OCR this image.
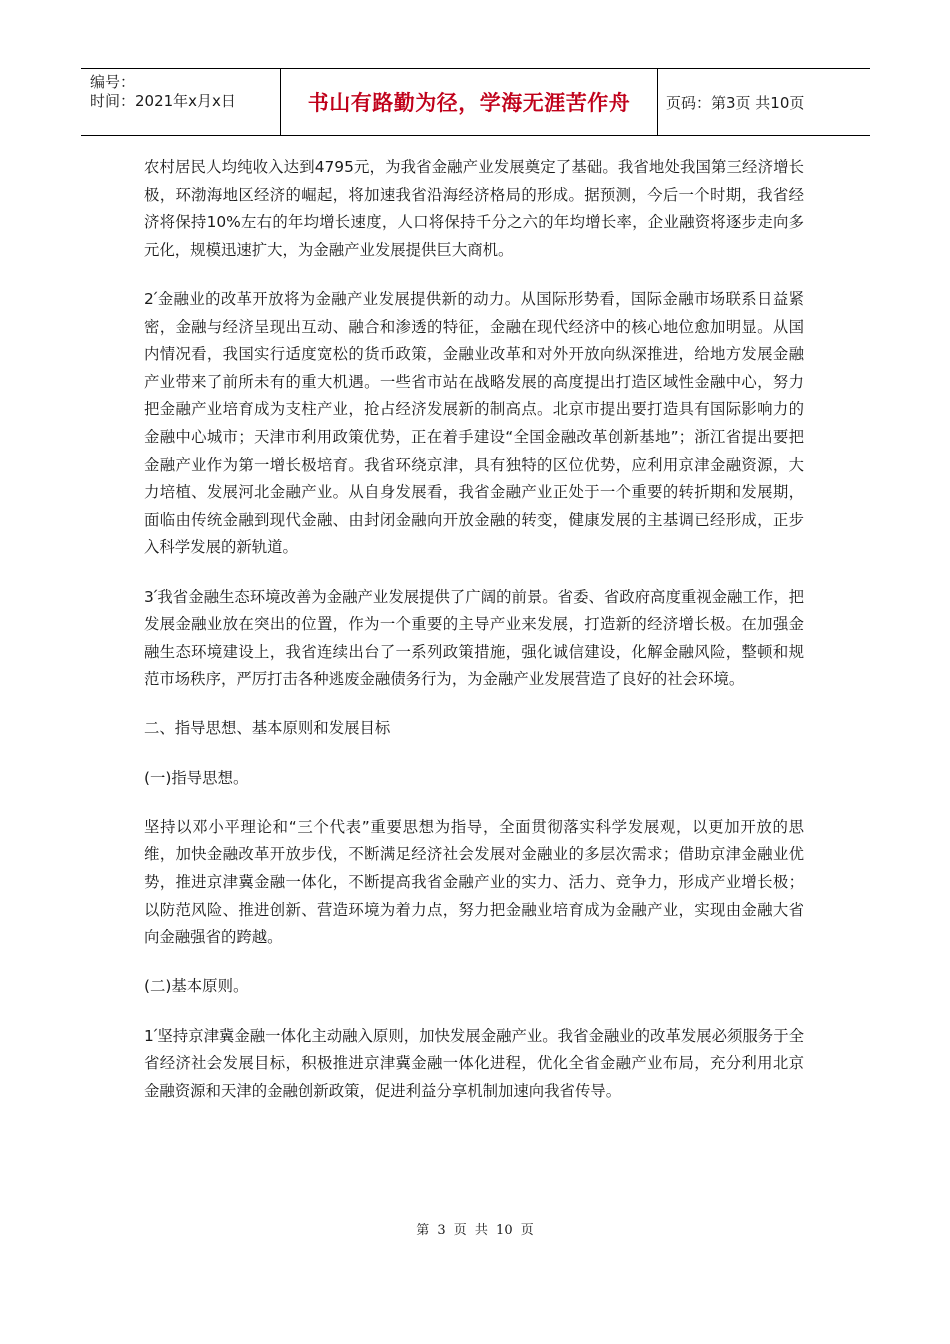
编号：
时间：2021年x月x日	书山有路勤为径，学海无涯苦作舟 页码：第3页 共10页

农村居民人均纯收入达到4795元，为我省金融产业发展奠定了基础。我省地处我国第三经济增长极，环渤海地区经济的崛起，将加速我省沿海经济格局的形成。据预测，今后一个时期，我省经济将保持10%左右的年均增长速度，人口将保持千分之六的年均增长率，企业融资将逐步走向多元化，规模迅速扩大，为金融产业发展提供巨大商机。

2՛金融业的改革开放将为金融产业发展提供新的动力。从国际形势看，国际金融市场联系日益紧密，金融与经济呈现出互动、融合和渗透的特征，金融在现代经济中的核心地位愈加明显。从国内情况看，我国实行适度宽松的货币政策，金融业改革和对外开放向纵深推进，给地方发展金融产业带来了前所未有的重大机遇。一些省市站在战略发展的高度提出打造区域性金融中心，努力把金融产业培育成为支柱产业，抢占经济发展新的制高点。北京市提出要打造具有国际影响力的金融中心城市；天津市利用政策优势，正在着手建设“全国金融改革创新基地”；浙江省提出要把金融产业作为第一增长极培育。我省环绕京津，具有独特的区位优势，应利用京津金融资源，大力培植、发展河北金融产业。从自身发展看，我省金融产业正处于一个重要的转折期和发展期，面临由传统金融到现代金融、由封闭金融向开放金融的转变，健康发展的主基调已经形成，正步入科学发展的新轨道。

3՛我省金融生态环境改善为金融产业发展提供了广阔的前景。省委、省政府高度重视金融工作，把发展金融业放在突出的位置，作为一个重要的主导产业来发展，打造新的经济增长极。在加强金融生态环境建设上，我省连续出台了一系列政策措施，强化诚信建设，化解金融风险，整顿和规范市场秩序，严厉打击各种逃废金融债务行为，为金融产业发展营造了良好的社会环境。

二、指导思想、基本原则和发展目标

(一)指导思想。

坚持以邓小平理论和“三个代表”重要思想为指导，全面贯彻落实科学发展观，以更加开放的思维，加快金融改革开放步伐，不断满足经济社会发展对金融业的多层次需求；借助京津金融业优势，推进京津冀金融一体化，不断提高我省金融产业的实力、活力、竞争力，形成产业增长极；以防范风险、推进创新、营造环境为着力点，努力把金融业培育成为金融产业，实现由金融大省向金融强省的跨越。

(二)基本原则。

1՛坚持京津冀金融一体化主动融入原则，加快发展金融产业。我省金融业的改革发展必须服务于全省经济社会发展目标，积极推进京津冀金融一体化进程，优化全省金融产业布局，充分利用北京金融资源和天津的金融创新政策，促进利益分享机制加速向我省传导。

第 3 页 共 10 页
